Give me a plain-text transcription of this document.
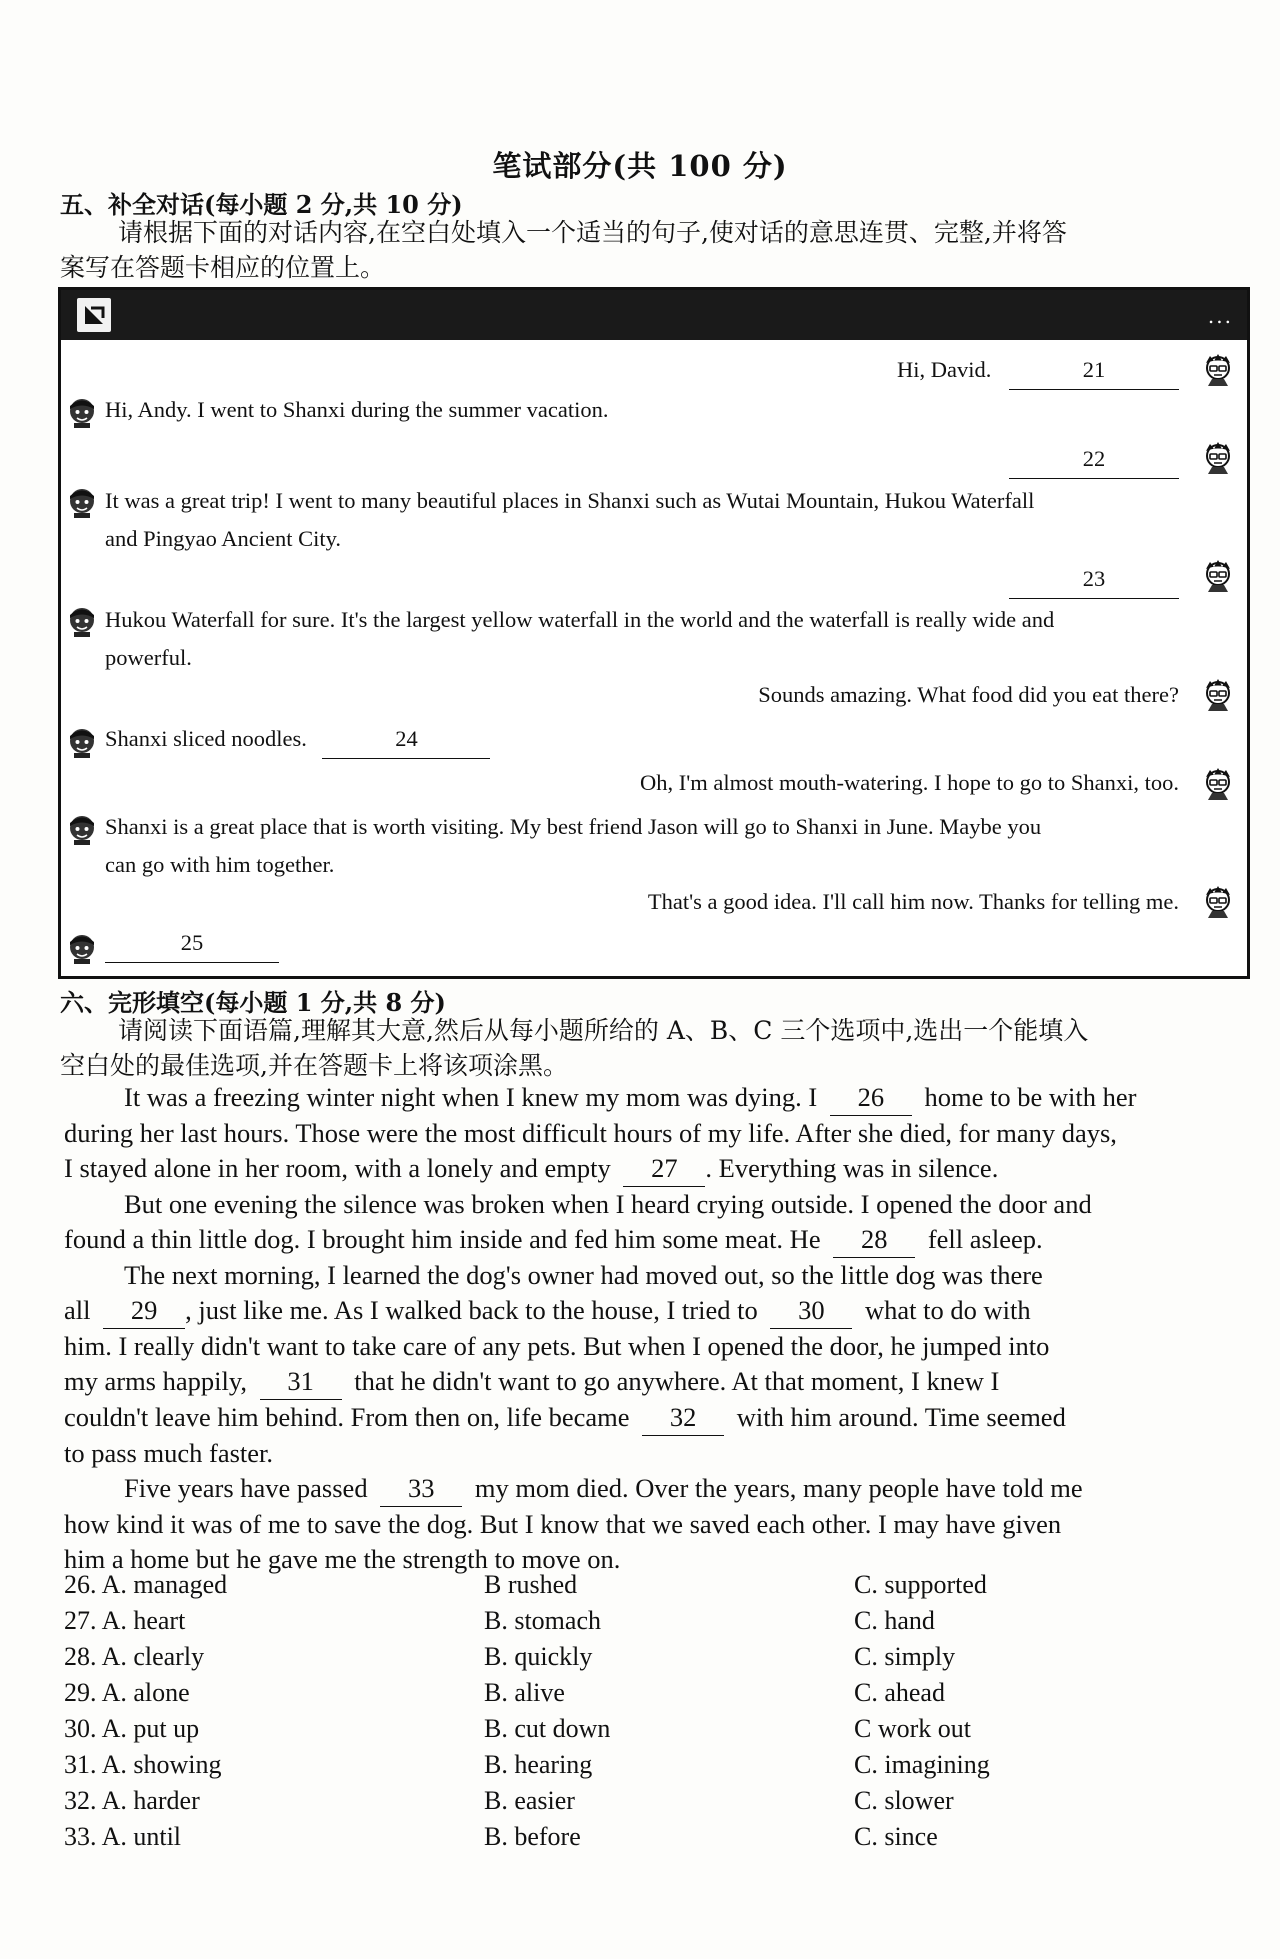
笔试部分(共 100 分)
五、补全对话(每小题 2 分,共 10 分)
请根据下面的对话内容,在空白处填入一个适当的句子,使对话的意思连贯、完整,并将答
案写在答题卡相应的位置上。
...
Hi, David.	21
Hi, Andy. I went to Shanxi during the summer vacation.
22
It was a great trip! I went to many beautiful places in Shanxi such as Wutai Mountain, Hukou Waterfall
and Pingyao Ancient City.
23
Hukou Waterfall for sure. It's the largest yellow waterfall in the world and the waterfall is really wide and
powerful.
Sounds amazing. What food did you eat there?
Shanxi sliced noodles.	24
Oh, I'm almost mouth-watering. I hope to go to Shanxi, too.
Shanxi is a great place that is worth visiting. My best friend Jason will go to Shanxi in June. Maybe you
can go with him together.
That's a good idea. I'll call him now. Thanks for telling me.
25
六、完形填空(每小题 1 分,共 8 分)
请阅读下面语篇,理解其大意,然后从每小题所给的 A、B、C 三个选项中,选出一个能填入
空白处的最佳选项,并在答题卡上将该项涂黑。
It was a freezing winter night when I knew my mom was dying. I 26 home to be with her
during her last hours. Those were the most difficult hours of my life. After she died, for many days,
I stayed alone in her room, with a lonely and empty 27 . Everything was in silence.
But one evening the silence was broken when I heard crying outside. I opened the door and
found a thin little dog. I brought him inside and fed him some meat. He 28 fell asleep.
The next morning, I learned the dog's owner had moved out, so the little dog was there
all 29 , just like me. As I walked back to the house, I tried to 30 what to do with
him. I really didn't want to take care of any pets. But when I opened the door, he jumped into
my arms happily, 31 that he didn't want to go anywhere. At that moment, I knew I
couldn't leave him behind. From then on, life became 32 with him around. Time seemed
to pass much faster.
Five years have passed 33 my mom died. Over the years, many people have told me
how kind it was of me to save the dog. But I know that we saved each other. I may have given
him a home but he gave me the strength to move on.
26. A. managed	B rushed	C. supported
27. A. heart	B. stomach	C. hand
28. A. clearly	B. quickly	C. simply
29. A. alone	B. alive	C. ahead
30. A. put up	B. cut down	C work out
31. A. showing	B. hearing	C. imagining
32. A. harder	B. easier	C. slower
33. A. until	B. before	C. since
